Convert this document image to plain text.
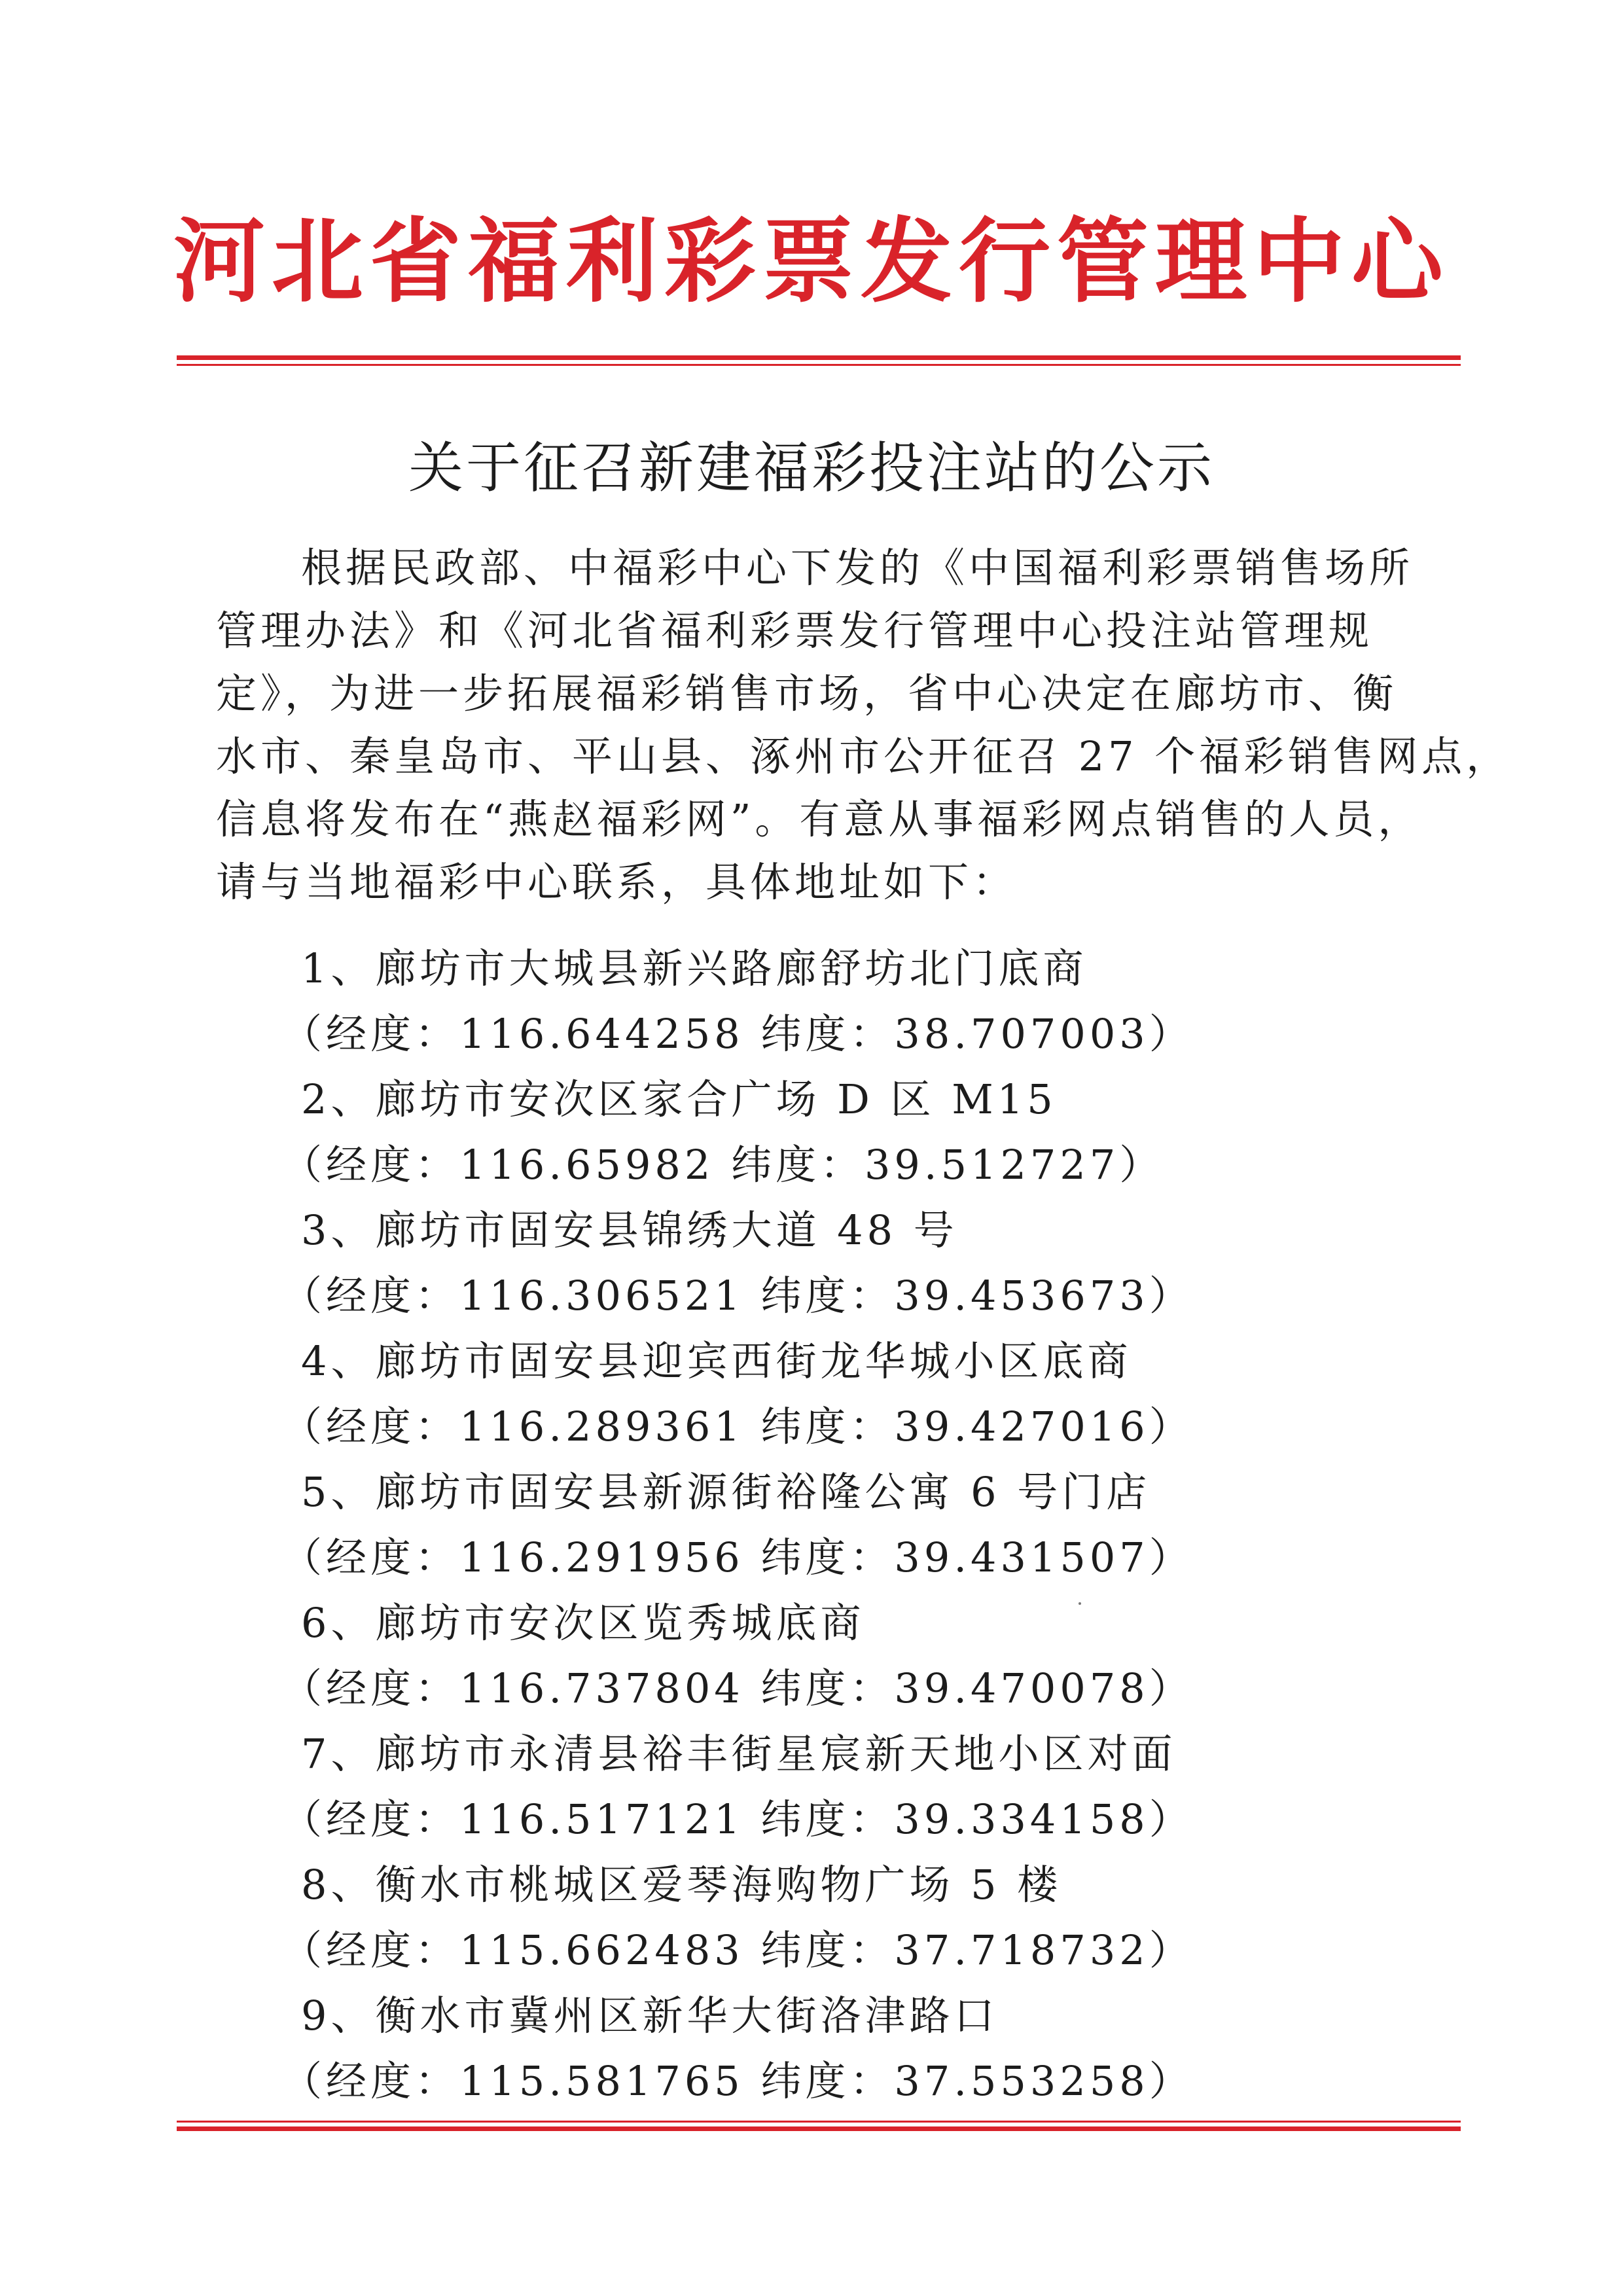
河北省福利彩票发行管理中心
关于征召新建福彩投注站的公示
根据民政部、中福彩中心下发的《中国福利彩票销售场所
管理办法》和《河北省福利彩票发行管理中心投注站管理规
定》，为进一步拓展福彩销售市场，省中心决定在廊坊市、衡
水市、秦皇岛市、平山县、涿州市公开征召 27 个福彩销售网点，
信息将发布在“燕赵福彩网”。有意从事福彩网点销售的人员，
请与当地福彩中心联系，具体地址如下：
1、廊坊市大城县新兴路廊舒坊北门底商
（经度：116.644258 纬度：38.707003）
2、廊坊市安次区家合广场 D 区 M15
（经度：116.65982 纬度：39.512727）
3、廊坊市固安县锦绣大道 48 号
（经度：116.306521 纬度：39.453673）
4、廊坊市固安县迎宾西街龙华城小区底商
（经度：116.289361 纬度：39.427016）
5、廊坊市固安县新源街裕隆公寓 6 号门店
（经度：116.291956 纬度：39.431507）
6、廊坊市安次区览秀城底商
（经度：116.737804 纬度：39.470078）
7、廊坊市永清县裕丰街星宸新天地小区对面
（经度：116.517121 纬度：39.334158）
8、衡水市桃城区爱琴海购物广场 5 楼
（经度：115.662483 纬度：37.718732）
9、衡水市冀州区新华大街洛津路口
（经度：115.581765 纬度：37.553258）
